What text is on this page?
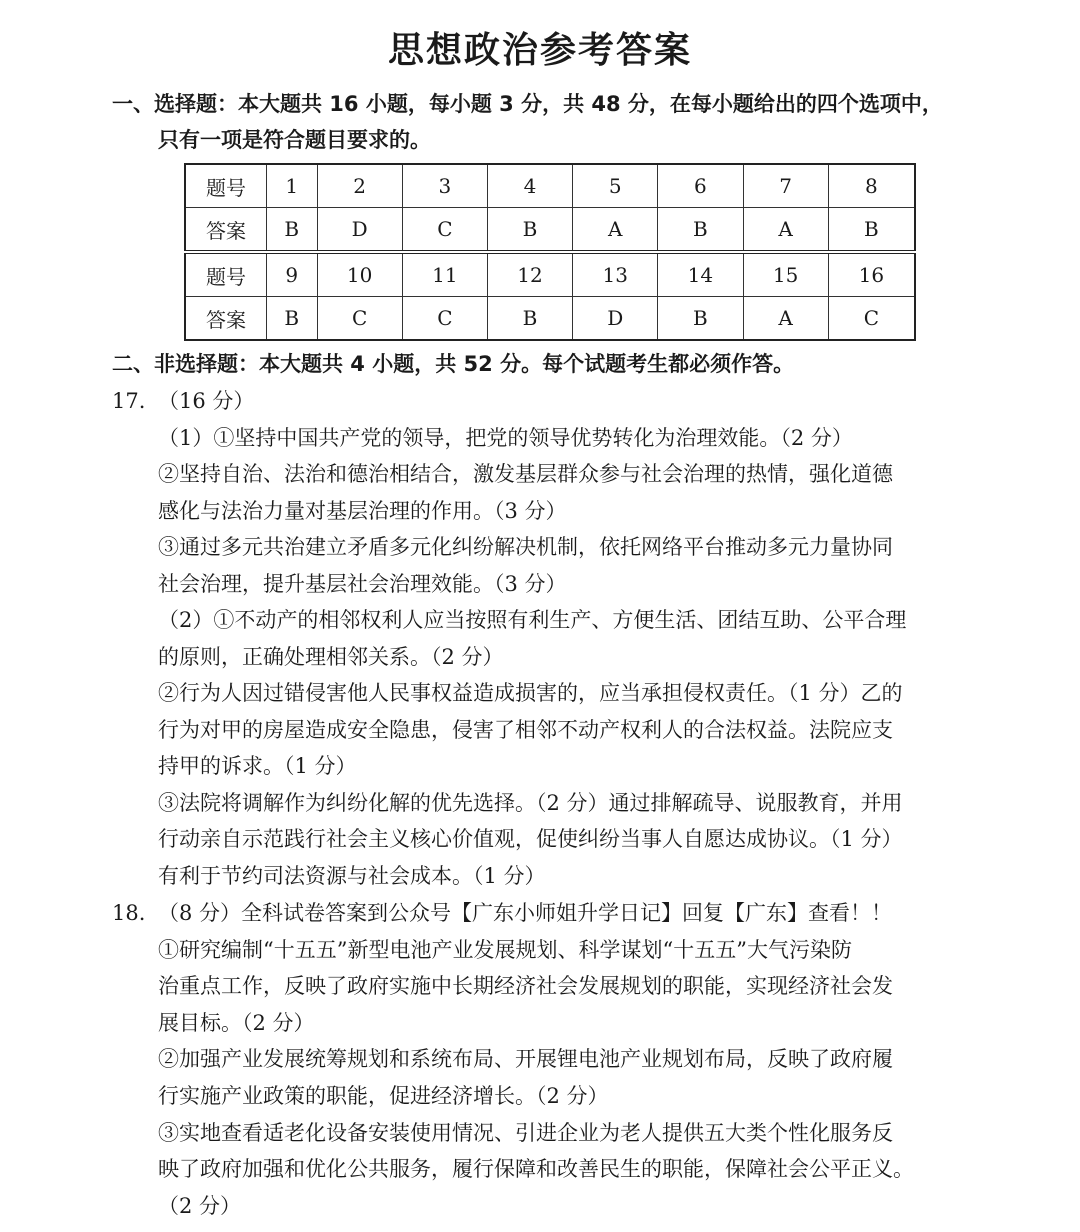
思想政治参考答案
一、选择题：本大题共 16 小题，每小题 3 分，共 48 分，在每小题给出的四个选项中，
只有一项是符合题目要求的。
题号	1	2	3	4	5	6	7	8
答案	B	D	C	B	A	B	A	B
题号	9	10	11	12	13	14	15	16
答案	B	C	C	B	D	B	A	C
二、非选择题：本大题共 4 小题，共 52 分。每个试题考生都必须作答。
17. （16 分）
（1）①坚持中国共产党的领导，把党的领导优势转化为治理效能。（2 分）
②坚持自治、法治和德治相结合，激发基层群众参与社会治理的热情，强化道德
感化与法治力量对基层治理的作用。（3 分）
③通过多元共治建立矛盾多元化纠纷解决机制，依托网络平台推动多元力量协同
社会治理，提升基层社会治理效能。（3 分）
（2）①不动产的相邻权利人应当按照有利生产、方便生活、团结互助、公平合理
的原则，正确处理相邻关系。（2 分）
②行为人因过错侵害他人民事权益造成损害的，应当承担侵权责任。（1 分）乙的
行为对甲的房屋造成安全隐患，侵害了相邻不动产权利人的合法权益。法院应支
持甲的诉求。（1 分）
③法院将调解作为纠纷化解的优先选择。（2 分）通过排解疏导、说服教育，并用
行动亲自示范践行社会主义核心价值观，促使纠纷当事人自愿达成协议。（1 分）
有利于节约司法资源与社会成本。（1 分）
18. （8 分）全科试卷答案到公众号【广东小师姐升学日记】回复【广东】查看！！
①研究编制“十五五”新型电池产业发展规划、科学谋划“十五五”大气污染防
治重点工作，反映了政府实施中长期经济社会发展规划的职能，实现经济社会发
展目标。（2 分）
②加强产业发展统筹规划和系统布局、开展锂电池产业规划布局，反映了政府履
行实施产业政策的职能，促进经济增长。（2 分）
③实地查看适老化设备安装使用情况、引进企业为老人提供五大类个性化服务反
映了政府加强和优化公共服务，履行保障和改善民生的职能，保障社会公平正义。
（2 分）
